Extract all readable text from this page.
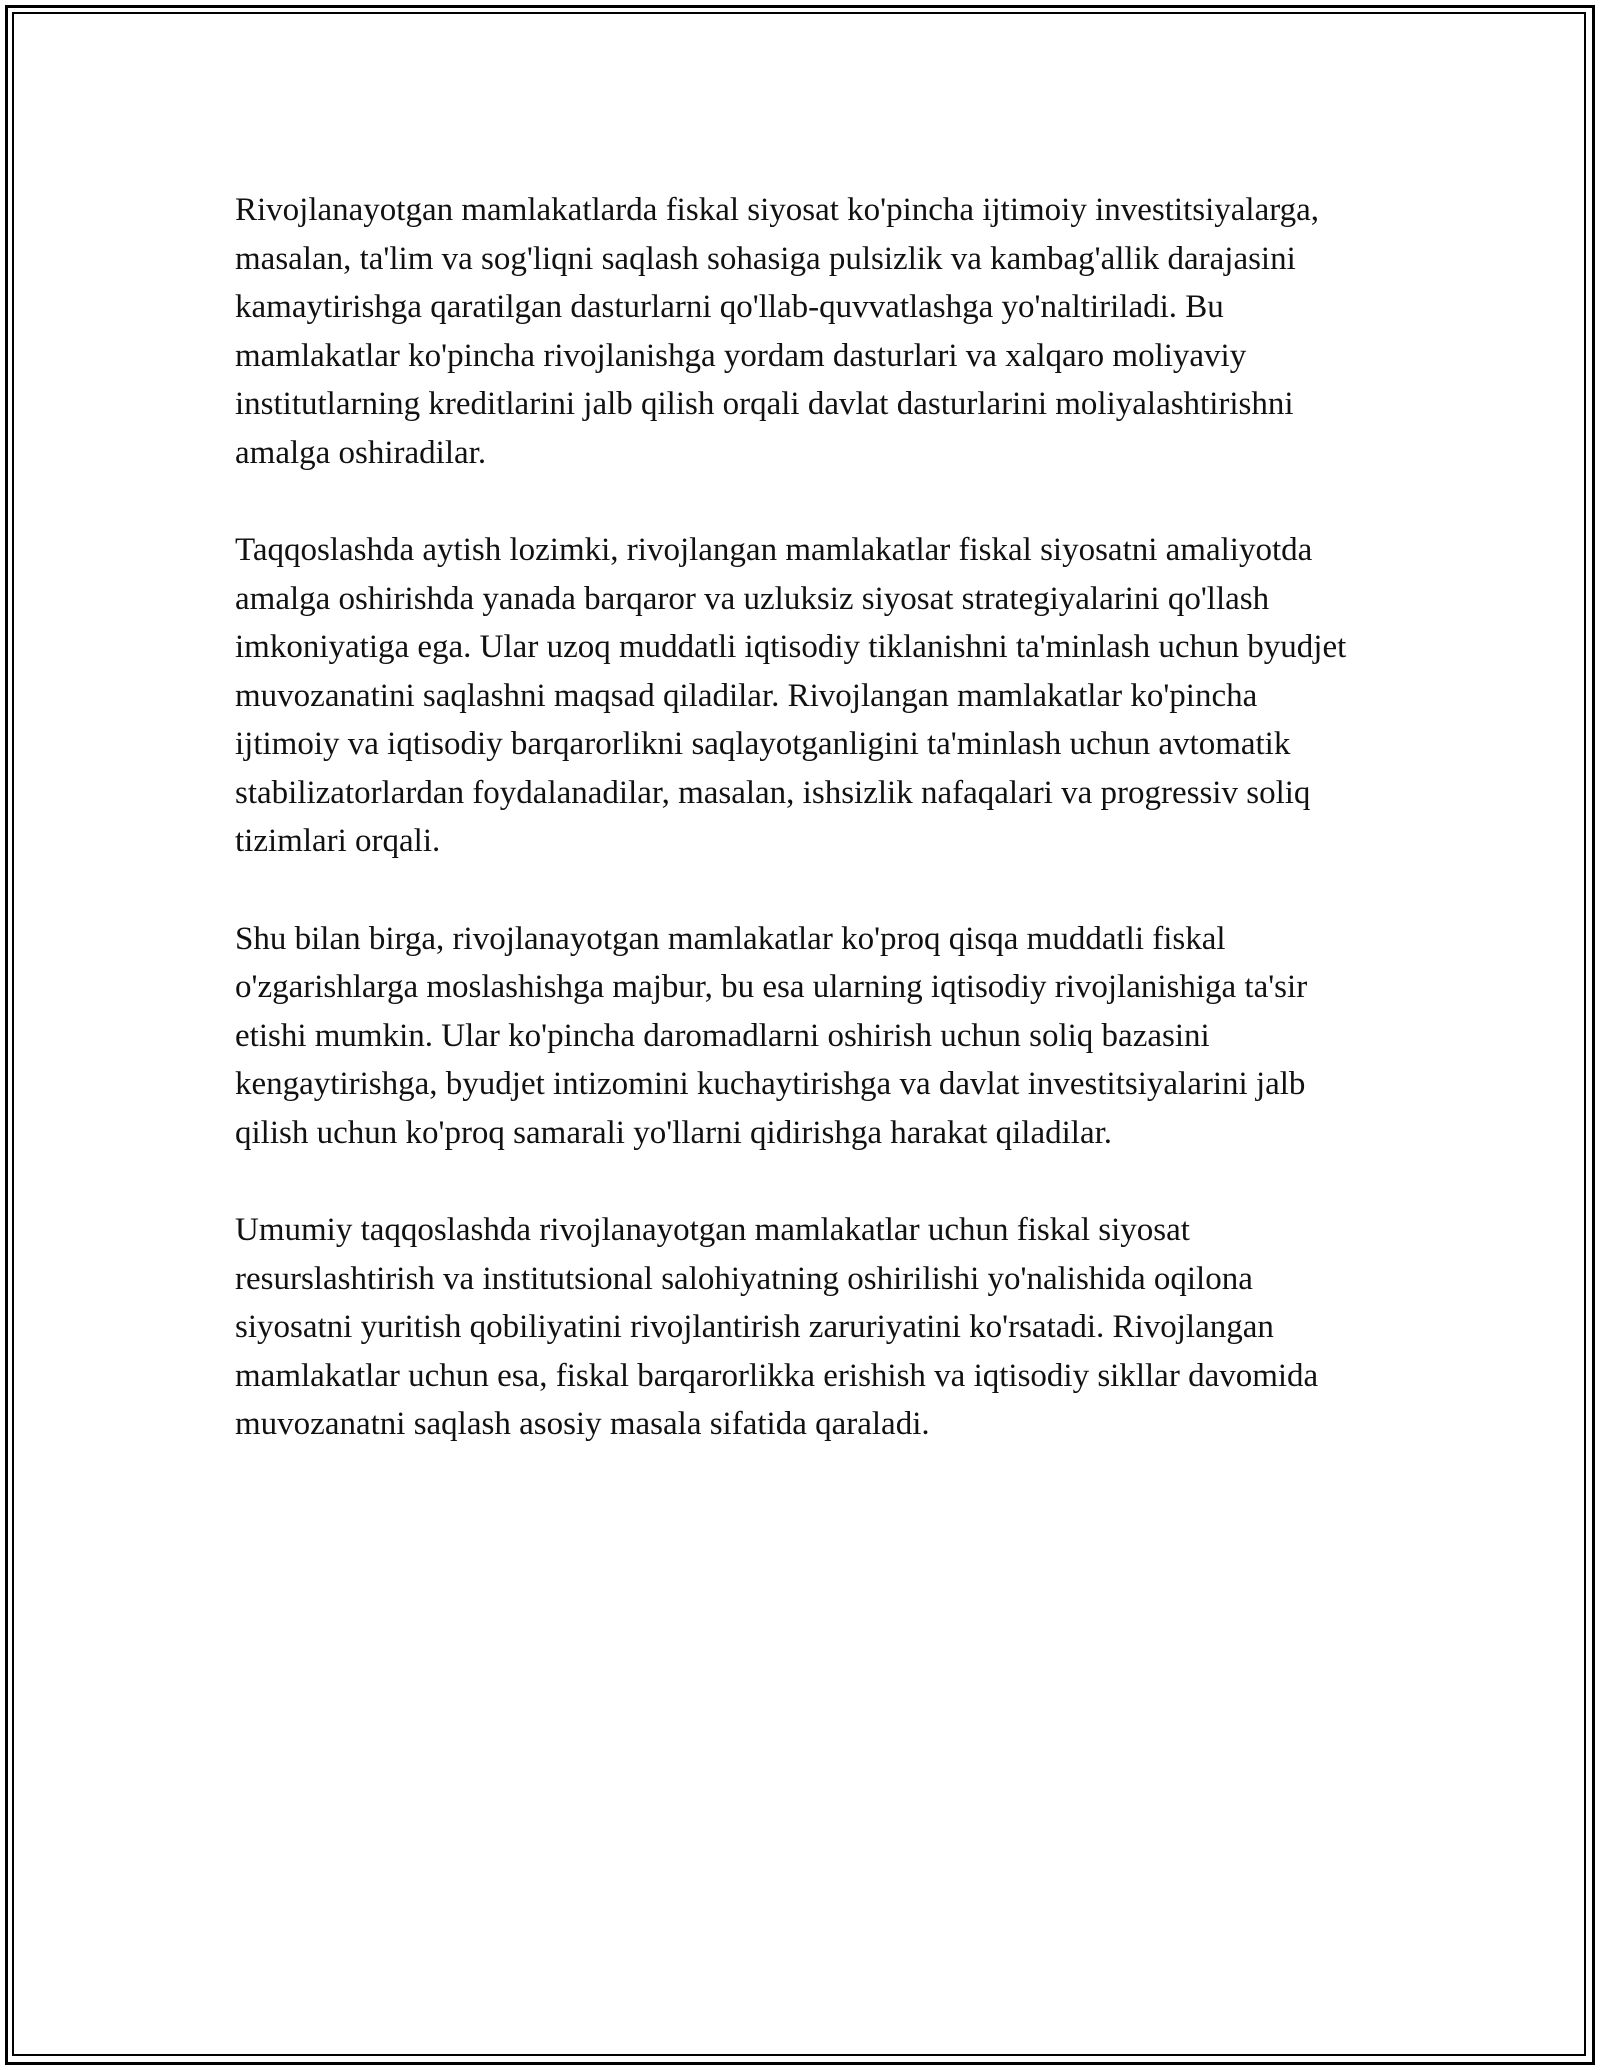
Rivojlanayotgan mamlakatlarda fiskal siyosat ko'pincha ijtimoiy investitsiyalarga, masalan, ta'lim va sog'liqni saqlash sohasiga pulsizlik va kambag'allik darajasini kamaytirishga qaratilgan dasturlarni qo'llab-quvvatlashga yo'naltiriladi. Bu mamlakatlar ko'pincha rivojlanishga yordam dasturlari va xalqaro moliyaviy institutlarning kreditlarini jalb qilish orqali davlat dasturlarini moliyalashtirishni amalga oshiradilar.

Taqqoslashda aytish lozimki, rivojlangan mamlakatlar fiskal siyosatni amaliyotda amalga oshirishda yanada barqaror va uzluksiz siyosat strategiyalarini qo'llash imkoniyatiga ega. Ular uzoq muddatli iqtisodiy tiklanishni ta'minlash uchun byudjet muvozanatini saqlashni maqsad qiladilar. Rivojlangan mamlakatlar ko'pincha ijtimoiy va iqtisodiy barqarorlikni saqlayotganligini ta'minlash uchun avtomatik stabilizatorlardan foydalanadilar, masalan, ishsizlik nafaqalari va progressiv soliq tizimlari orqali.

Shu bilan birga, rivojlanayotgan mamlakatlar ko'proq qisqa muddatli fiskal o'zgarishlarga moslashishga majbur, bu esa ularning iqtisodiy rivojlanishiga ta'sir etishi mumkin. Ular ko'pincha daromadlarni oshirish uchun soliq bazasini kengaytirishga, byudjet intizomini kuchaytirishga va davlat investitsiyalarini jalb qilish uchun ko'proq samarali yo'llarni qidirishga harakat qiladilar.

Umumiy taqqoslashda rivojlanayotgan mamlakatlar uchun fiskal siyosat resurslashtirish va institutsional salohiyatning oshirilishi yo'nalishida oqilona siyosatni yuritish qobiliyatini rivojlantirish zaruriyatini ko'rsatadi. Rivojlangan mamlakatlar uchun esa, fiskal barqarorlikka erishish va iqtisodiy sikllar davomida muvozanatni saqlash asosiy masala sifatida qaraladi.
